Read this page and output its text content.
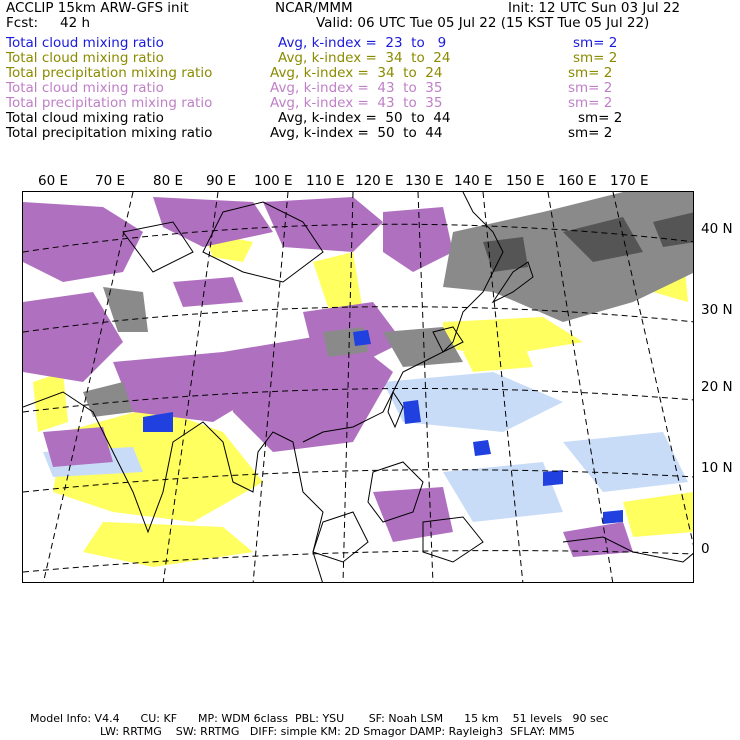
ACCLIP 15km ARW-GFS init	NCAR/MMM	Init: 12 UTC Sun 03 Jul 22
Fcst: 42 h	Valid: 06 UTC Tue 05 Jul 22 (15 KST Tue 05 Jul 22)
Total cloud mixing ratio	Avg, k-index =  23  to   9	sm= 2
Total cloud mixing ratio	Avg, k-index =  34  to  24	sm= 2
Total precipitation mixing ratio	Avg, k-index =  34  to  24	sm= 2
Total cloud mixing ratio	Avg, k-index =  43  to  35	sm= 2
Total precipitation mixing ratio	Avg, k-index =  43  to  35	sm= 2
Total cloud mixing ratio	Avg, k-index =  50  to  44	sm= 2
Total precipitation mixing ratio	Avg, k-index =  50  to  44	sm= 2
60 E 70 E 80 E 90 E 100 E 110 E 120 E 130 E 140 E 150 E 160 E 170 E
40 N
30 N
20 N
10 N
0
Model Info: V4.4      CU: KF      MP: WDM 6class  PBL: YSU       SF: Noah LSM      15 km    51 levels   90 sec
LW: RRTMG    SW: RRTMG   DIFF: simple KM: 2D Smagor DAMP: Rayleigh3  SFLAY: MM5
